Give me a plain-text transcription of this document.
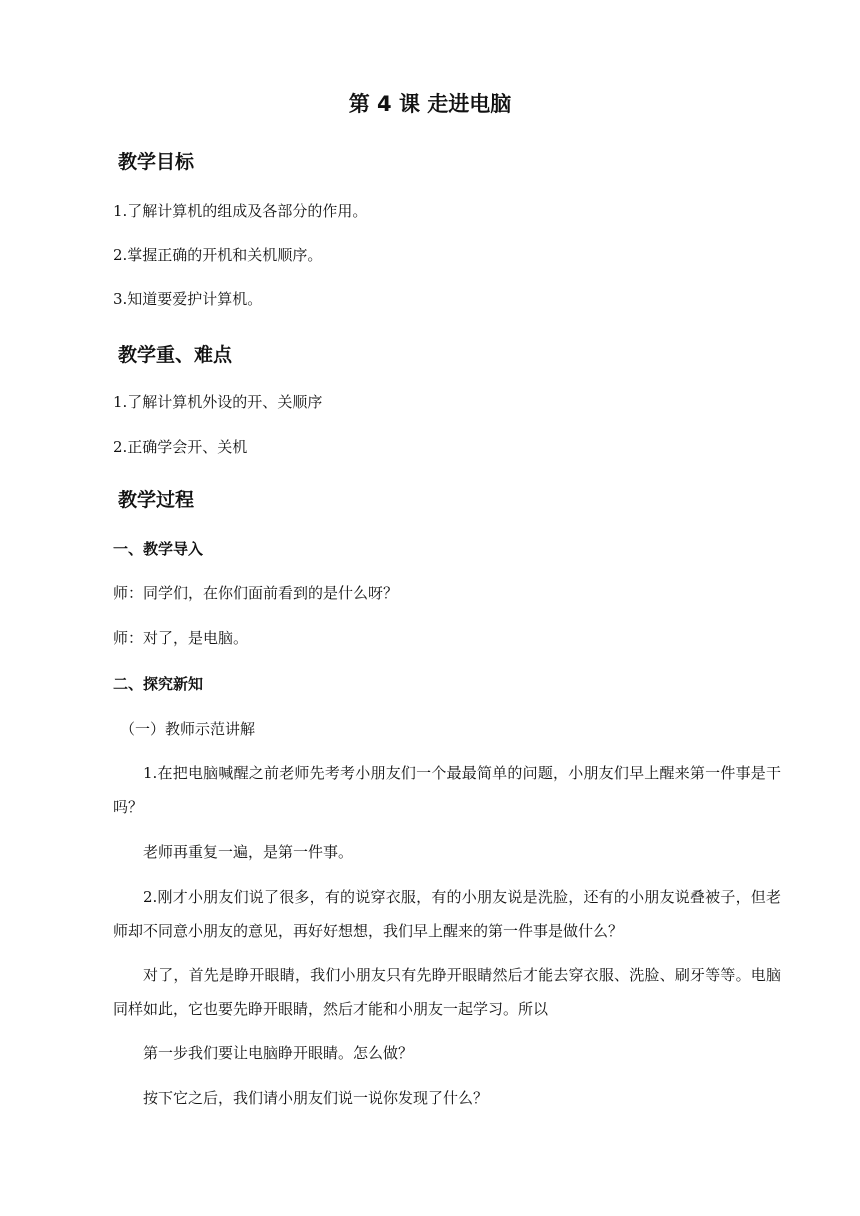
第 4 课 走进电脑
教学目标
1.了解计算机的组成及各部分的作用。
2.掌握正确的开机和关机顺序。
3.知道要爱护计算机。
教学重、难点
1.了解计算机外设的开、关顺序
2.正确学会开、关机
教学过程
一、教学导入
师：同学们，在你们面前看到的是什么呀？
师：对了，是电脑。
二、探究新知
（一）教师示范讲解
1.在把电脑喊醒之前老师先考考小朋友们一个最最简单的问题，小朋友们早上醒来第一件事是干吗？
老师再重复一遍，是第一件事。
2.刚才小朋友们说了很多，有的说穿衣服，有的小朋友说是洗脸，还有的小朋友说叠被子，但老师却不同意小朋友的意见，再好好想想，我们早上醒来的第一件事是做什么？
对了，首先是睁开眼睛，我们小朋友只有先睁开眼睛然后才能去穿衣服、洗脸、刷牙等等。电脑同样如此，它也要先睁开眼睛，然后才能和小朋友一起学习。所以
第一步我们要让电脑睁开眼睛。怎么做？
按下它之后，我们请小朋友们说一说你发现了什么？
